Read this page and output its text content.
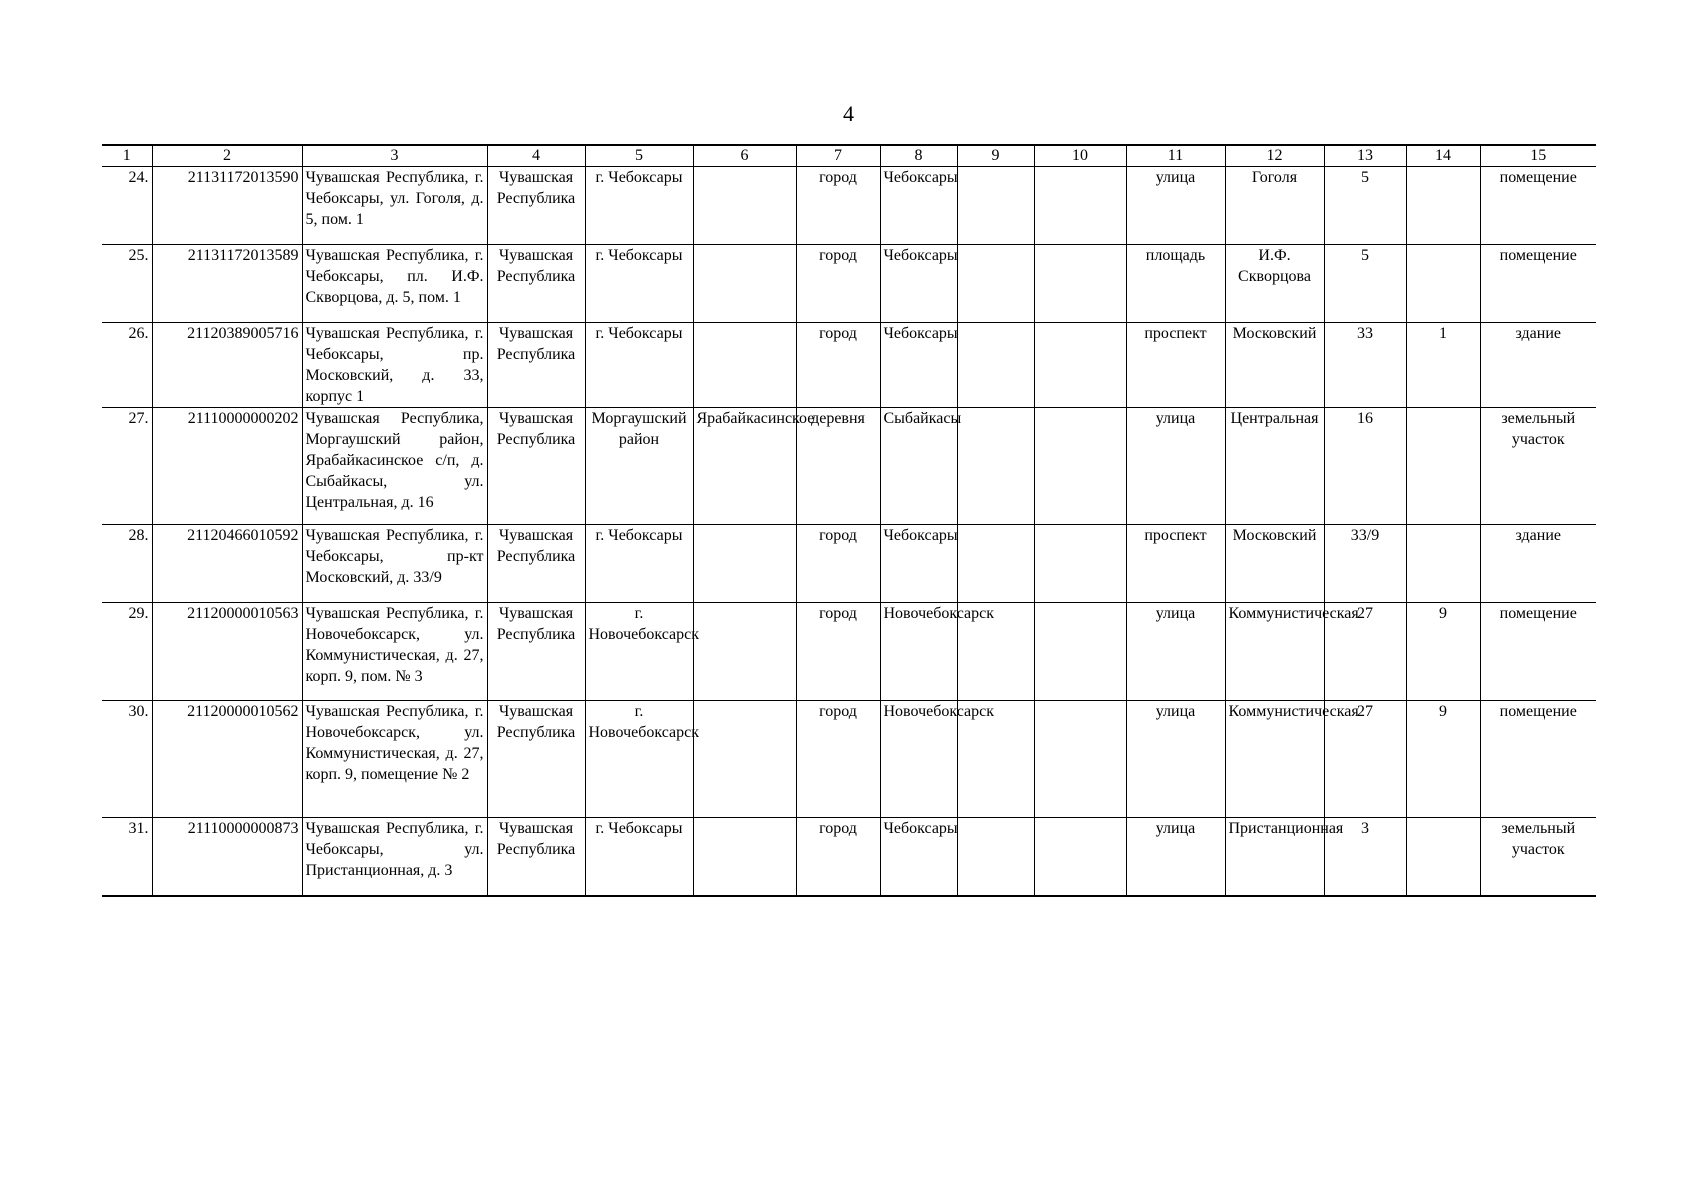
4
1	2	3	4	5	6	7	8	9	10	11	12	13	14	15
24.	21131172013590	Чувашская Республика, г. Чебоксары, ул. Гоголя, д. 5, пом. 1	Чувашская Республика	г. Чебоксары		город	Чебоксары			улица	Гоголя	5		помещение
25.	21131172013589	Чувашская Республика, г. Чебоксары, пл. И.Ф. Скворцова, д. 5, пом. 1	Чувашская Республика	г. Чебоксары		город	Чебоксары			площадь	И.Ф. Скворцова	5		помещение
26.	21120389005716	Чувашская Республика, г. Чебоксары, пр. Московский, д. 33, корпус 1	Чувашская Республика	г. Чебоксары		город	Чебоксары			проспект	Московский	33	1	здание
27.	21110000000202	Чувашская Республика, Моргаушский район, Ярабайкасинское с/п, д. Сыбайкасы, ул. Центральная, д. 16	Чувашская Республика	Моргаушский район	Ярабайкасинское	деревня	Сыбайкасы			улица	Центральная	16		земельный участок
28.	21120466010592	Чувашская Республика, г. Чебоксары, пр-кт Московский, д. 33/9	Чувашская Республика	г. Чебоксары		город	Чебоксары			проспект	Московский	33/9		здание
29.	21120000010563	Чувашская Республика, г. Новочебоксарск, ул. Коммунистическая, д. 27, корп. 9, пом. № 3	Чувашская Республика	г. Новочебоксарск		город	Новочебоксарск			улица	Коммунистическая	27	9	помещение
30.	21120000010562	Чувашская Республика, г. Новочебоксарск, ул. Коммунистическая, д. 27, корп. 9, помещение № 2	Чувашская Республика	г. Новочебоксарск		город	Новочебоксарск			улица	Коммунистическая	27	9	помещение
31.	21110000000873	Чувашская Республика, г. Чебоксары, ул. Пристанционная, д. 3	Чувашская Республика	г. Чебоксары		город	Чебоксары			улица	Пристанционная	3		земельный участок
